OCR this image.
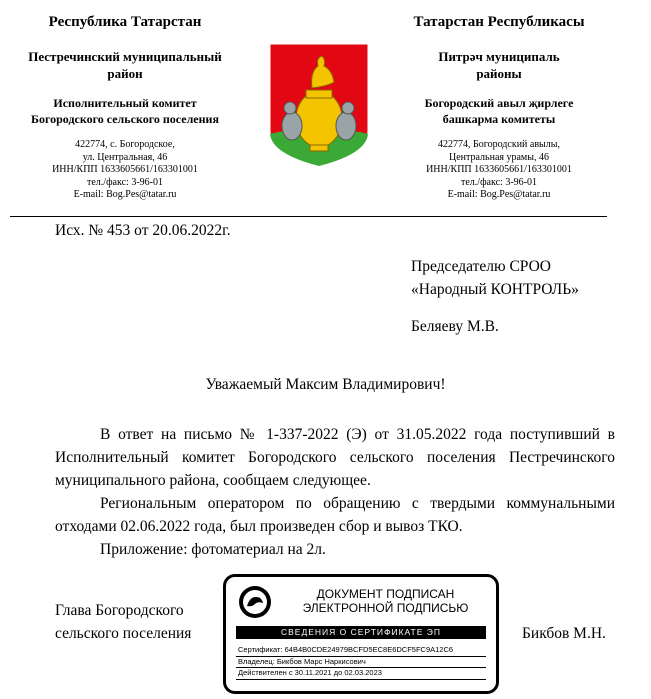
Республика Татарстан
Пестречинский муниципальный
район
Исполнительный комитет
Богородского сельского поселения
422774, с. Богородское,
ул. Центральная, 46
ИНН/КПП 1633605661/163301001
тел./факс: 3-96-01
E-mail: Bog.Pes@tatar.ru
Татарстан Республикасы
Питрәч муниципаль
районы
Богородский авыл җирлеге
башкарма комитеты
422774, Богородский авылы,
Центральная урамы, 46
ИНН/КПП 1633605661/163301001
тел./факс: 3-96-01
E-mail: Bog.Pes@tatar.ru
Исх. № 453 от 20.06.2022г.
Председателю СРОО
«Народный КОНТРОЛЬ»
Беляеву М.В.
Уважаемый Максим Владимирович!
В ответ на письмо № 1-337-2022 (Э) от 31.05.2022 года поступивший в Исполнительный комитет Богородского сельского поселения Пестречинского муниципального района, сообщаем следующее.
Региональным оператором по обращению с твердыми коммунальными отходами 02.06.2022 года, был произведен сбор и вывоз ТКО.
Приложение: фотоматериал на 2л.
Глава Богородского
сельского поселения	Бикбов М.Н.
ДОКУМЕНТ ПОДПИСАН
ЭЛЕКТРОННОЙ ПОДПИСЬЮ
СВЕДЕНИЯ О СЕРТИФИКАТЕ ЭП
Сертификат: 64B4B0CDE24979BCFD5EC8E6DCF5FC9A12C6
Владелец: Бикбов Марс Наркисович
Действителен с 30.11.2021 до 02.03.2023
